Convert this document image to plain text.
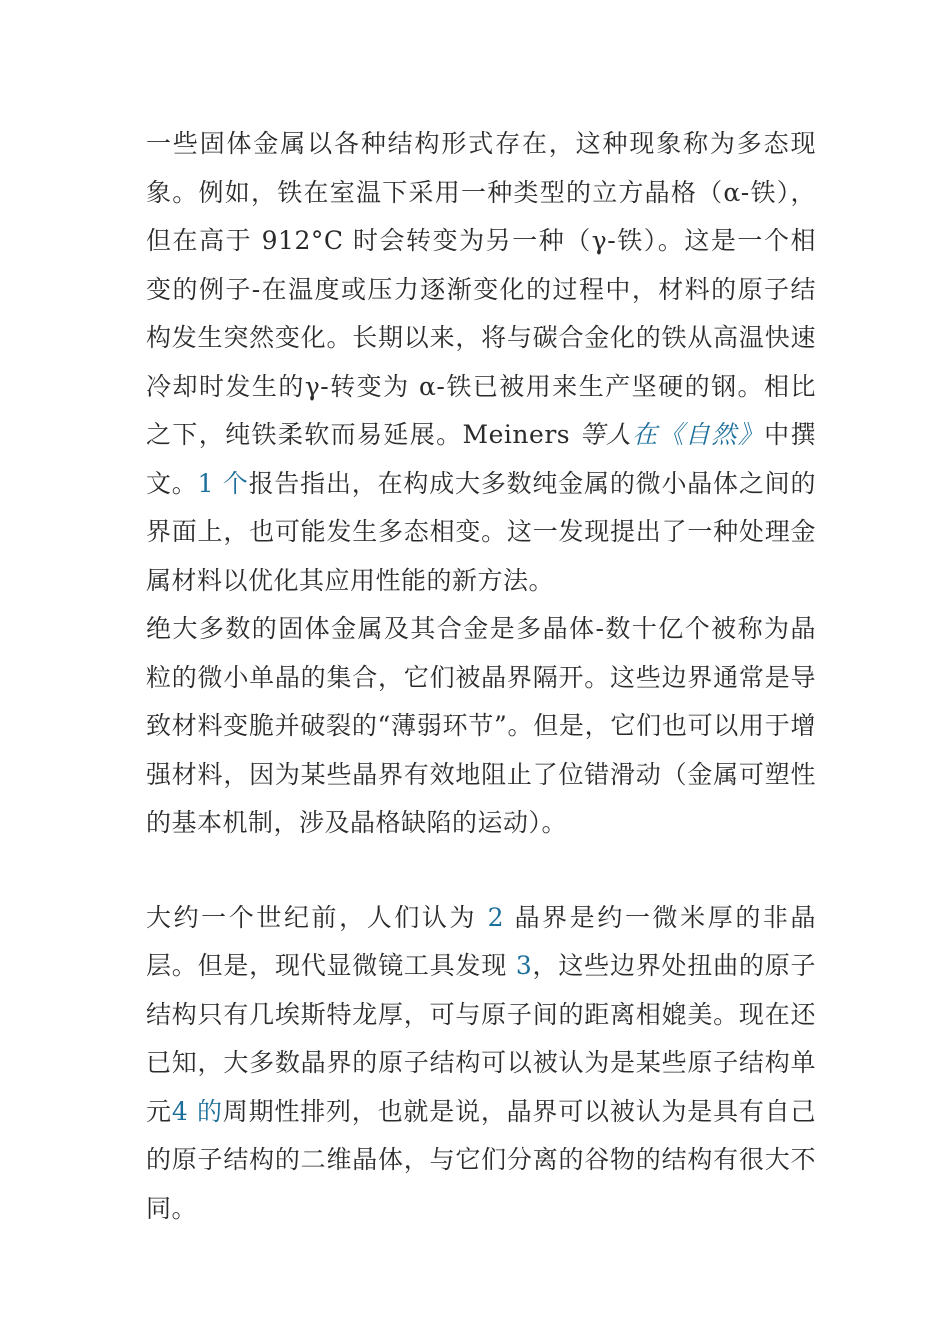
一些固体金属以各种结构形式存在，这种现象称为多态现象。例如，铁在室温下采用一种类型的立方晶格（α-铁），但在高于 912°C 时会转变为另一种（γ-铁）。这是一个相变的例子-在温度或压力逐渐变化的过程中，材料的原子结构发生突然变化。长期以来，将与碳合金化的铁从高温快速冷却时发生的γ-转变为 α-铁已被用来生产坚硬的钢。相比之下，纯铁柔软而易延展。Meiners 等人在《自然》中撰文。1 个报告指出，在构成大多数纯金属的微小晶体之间的界面上，也可能发生多态相变。这一发现提出了一种处理金属材料以优化其应用性能的新方法。

绝大多数的固体金属及其合金是多晶体-数十亿个被称为晶粒的微小单晶的集合，它们被晶界隔开。这些边界通常是导致材料变脆并破裂的“薄弱环节”。但是，它们也可以用于增强材料，因为某些晶界有效地阻止了位错滑动（金属可塑性的基本机制，涉及晶格缺陷的运动）。

大约一个世纪前，人们认为 2 晶界是约一微米厚的非晶层。但是，现代显微镜工具发现 3，这些边界处扭曲的原子结构只有几埃斯特龙厚，可与原子间的距离相媲美。现在还已知，大多数晶界的原子结构可以被认为是某些原子结构单元4 的周期性排列，也就是说，晶界可以被认为是具有自己的原子结构的二维晶体，与它们分离的谷物的结构有很大不同。
